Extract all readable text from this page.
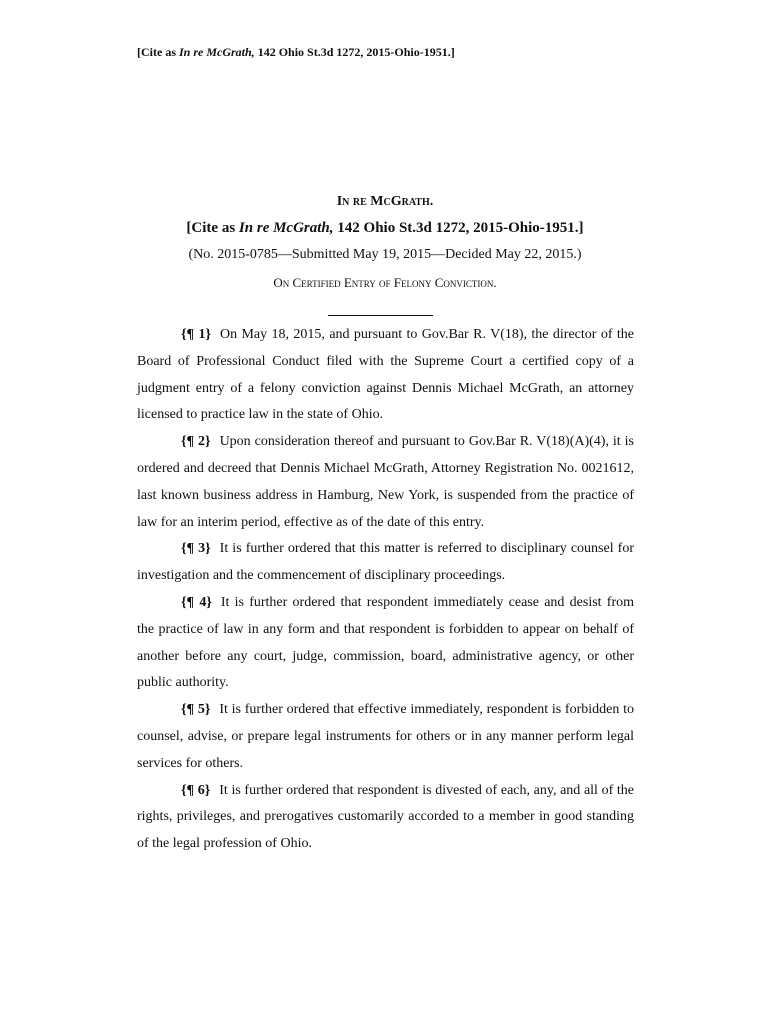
[Cite as In re McGrath, 142 Ohio St.3d 1272, 2015-Ohio-1951.]
In re McGrath.
[Cite as In re McGrath, 142 Ohio St.3d 1272, 2015-Ohio-1951.]
(No. 2015-0785—Submitted May 19, 2015—Decided May 22, 2015.)
On Certified Entry of Felony Conviction.

{¶ 1} On May 18, 2015, and pursuant to Gov.Bar R. V(18), the director of the Board of Professional Conduct filed with the Supreme Court a certified copy of a judgment entry of a felony conviction against Dennis Michael McGrath, an attorney licensed to practice law in the state of Ohio.

{¶ 2} Upon consideration thereof and pursuant to Gov.Bar R. V(18)(A)(4), it is ordered and decreed that Dennis Michael McGrath, Attorney Registration No. 0021612, last known business address in Hamburg, New York, is suspended from the practice of law for an interim period, effective as of the date of this entry.

{¶ 3} It is further ordered that this matter is referred to disciplinary counsel for investigation and the commencement of disciplinary proceedings.

{¶ 4} It is further ordered that respondent immediately cease and desist from the practice of law in any form and that respondent is forbidden to appear on behalf of another before any court, judge, commission, board, administrative agency, or other public authority.

{¶ 5} It is further ordered that effective immediately, respondent is forbidden to counsel, advise, or prepare legal instruments for others or in any manner perform legal services for others.

{¶ 6} It is further ordered that respondent is divested of each, any, and all of the rights, privileges, and prerogatives customarily accorded to a member in good standing of the legal profession of Ohio.
